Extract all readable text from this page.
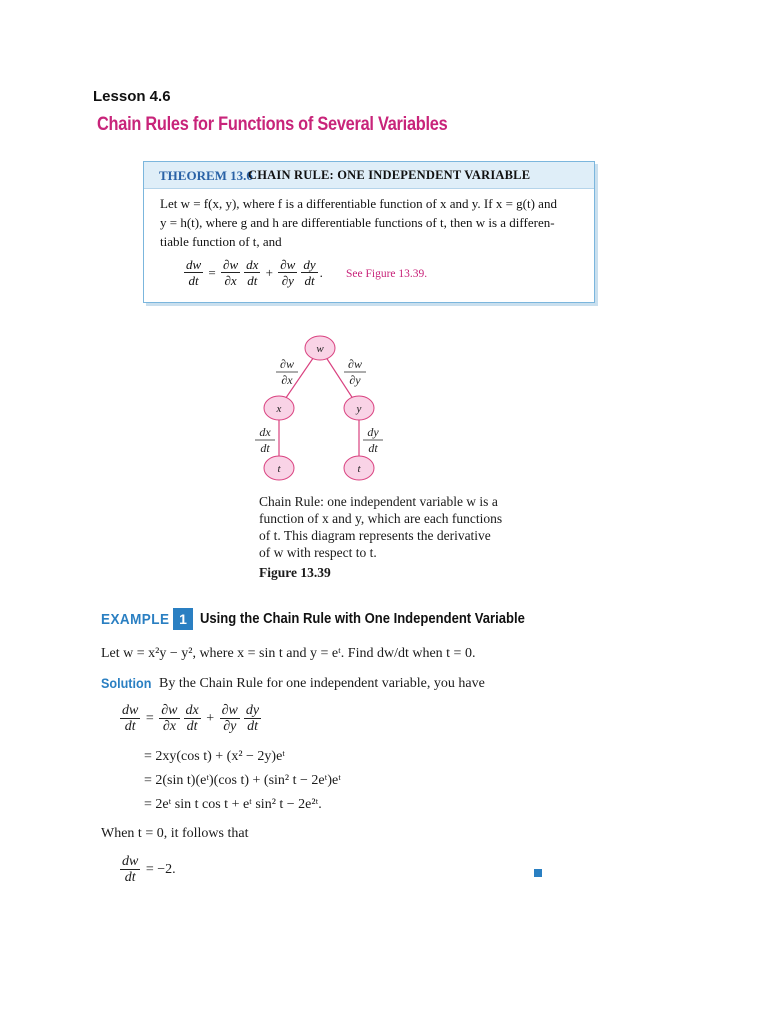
Lesson 4.6
Chain Rules for Functions of Several Variables
THEOREM 13.6
CHAIN RULE: ONE INDEPENDENT VARIABLE
Let w = f(x, y), where f is a differentiable function of x and y. If x = g(t) and
y = h(t), where g and h are differentiable functions of t, then w is a differen-
tiable function of t, and
$\frac{dw}{dt} = \frac{\partial w}{\partial x} \frac{dx}{dt} + \frac{\partial w}{\partial y} \frac{dy}{dt}$ . See Figure 13.39.
w
x	y
t	t
∂w
∂x
∂w
∂y
dx
dt
dy
dt
Chain Rule: one independent variable w is a
function of x and y, which are each functions
of t. This diagram represents the derivative
of w with respect to t.
Figure 13.39
EXAMPLE 1 Using the Chain Rule with One Independent Variable
Let w = x²y − y², where x = sin t and y = eᵗ. Find dw/dt when t = 0.
Solution By the Chain Rule for one independent variable, you have
$\frac{dw}{dt} = \frac{\partial w}{\partial x} \frac{dx}{dt} + \frac{\partial w}{\partial y} \frac{dy}{dt}$
= 2xy(cos t) + (x² − 2y)eᵗ
= 2(sin t)(eᵗ)(cos t) + (sin² t − 2eᵗ)eᵗ
= 2eᵗ sin t cos t + eᵗ sin² t − 2e²ᵗ.
When t = 0, it follows that
$\frac{dw}{dt} = -2$.
